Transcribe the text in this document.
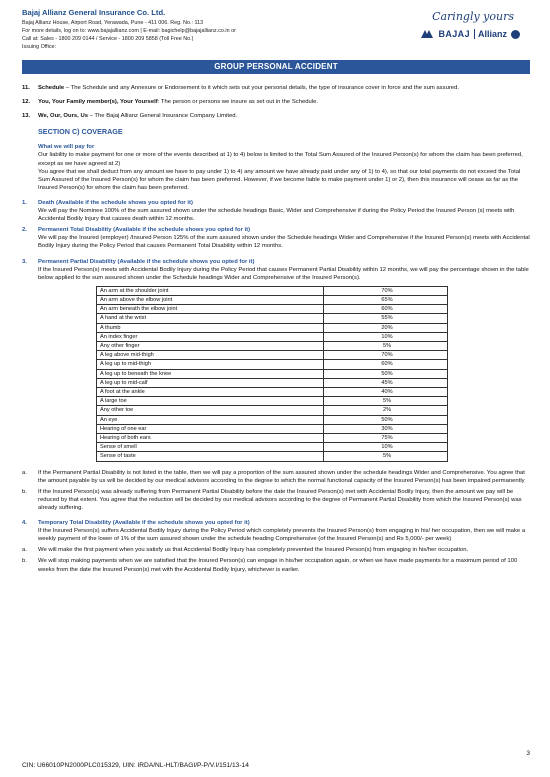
Bajaj Allianz General Insurance Co. Ltd.
Bajaj Allianz House, Airport Road, Yerawada, Pune - 411 006. Reg. No.: 113
For more details, log on to: www.bajajallianz.com | E-mail: bagichelp@bajajallianz.co.in or
Call at: Sales - 1800 209 0144 / Service - 1800 209 5858 (Toll Free No.)
Issuing Office:
Caringly yours
BAJAJ Allianz
GROUP PERSONAL ACCIDENT
11.	Schedule – The Schedule and any Annexure or Endorsement to it which sets out your personal details, the type of insurance cover in force and the sum assured.
12.	You, Your Family member(s), Your Yourself: The person or persons we insure as set out in the Schedule.
13.	We, Our, Ours, Us – The Bajaj Allianz General Insurance Company Limited.
SECTION C) COVERAGE
What we will pay for

Our liability to make payment for one or more of the events described at 1) to 4) below is limited to the Total Sum Assured of the Insured Person(s) for whom the claim has been preferred, except as we have agreed at 2)

You agree that we shall deduct from any amount we have to pay under 1) to 4) any amount we have already paid under any of 1) to 4), so that our total payments do not exceed the Total Sum Assured of the Insured Person(s) for whom the claim has been preferred. However, if we become liable to make payment under 1) or 2), then this insurance will cease as far as the Insured Person(s) for whom the claim has been preferred.

1.	Death (Available if the schedule shows you opted for it)
We will pay the Nominee 100% of the sum assured shown under the schedule headings Basic, Wider and Comprehensive if during the Policy Period the Insured Person (s) meets with Accidental Bodily Injury that causes death within 12 months.
2.	Permanent Total Disability (Available if the schedule shows you opted for it)
We will pay the Insured (employer) /Insured Person 125% of the sum assured shown under the Schedule headings Wider and Comprehensive if the Insured Person(s) meets with Accidental Bodily Injury during the Policy Period that causes Permanent Total Disability within 12 months.
3.	Permanent Partial Disability (Available if the schedule shows you opted for it)
If the Insured Person(s) meets with Accidental Bodily Injury during the Policy Period that causes Permanent Partial Disability within 12 months, we will pay the percentage shown in the table below applied to the sum assured shown under the Schedule headings Wider and Comprehensive of the Insured Person(s).
An arm at the shoulder joint	70%
An arm above the elbow joint	65%
An arm beneath the elbow joint	60%
A hand at the wrist	55%
A thumb	20%
An index finger	10%
Any other finger	5%
A leg above mid-thigh	70%
A leg up to mid-thigh	60%
A leg up to beneath the knee	50%
A leg up to mid-calf	45%
A foot at the ankle	40%
A large toe	5%
Any other toe	2%
An eye	50%
Hearing of one ear	30%
Hearing of both ears	75%
Sense of smell	10%
Sense of taste	5%
a.	If the Permanent Partial Disability is not listed in the table, then we will pay a proportion of the sum assured shown under the schedule headings Wider and Comprehensive. You agree that the amount payable by us will be decided by our medical advisors according to the degree to which the normal functional capacity of the Insured Person(s) has been impaired permanently
b.	If the Insured Person(s) was already suffering from Permanent Partial Disability before the date the Insured Person(s) met with Accidental Bodily Injury, then the amount we pay will be reduced by that extent. You agree that the reduction will be decided by our medical advisors according to the degree of Permanent Partial Disability from which the Insured Person(s) was already suffering.
4.	Temporary Total Disability (Available if the schedule shows you opted for it)
If the Insured Person(s) suffers Accidental Bodily Injury during the Policy Period which completely prevents the Insured Person(s) from engaging in his/ her occupation, then we will make a weekly payment of the lower of 1% of the sum assured shown under the schedule heading Comprehensive (of the Insured Person(s) and Rs 5,000/- per week)
a.	We will make the first payment when you satisfy us that Accidental Bodily Injury has completely prevented the Insured Person(s) from engaging in his/her occupation.
b.	We will stop making payments when we are satisfied that the Insured Person(s) can engage in his/her occupation again, or when we have made payments for a maximum period of 100 weeks from the date the Insured Person(s) met with the Accidental Bodily Injury, whichever is earlier.
3
CIN: U66010PN2000PLC015329, UIN: IRDA/NL-HLT/BAGI/P-P/V.I/151/13-14
